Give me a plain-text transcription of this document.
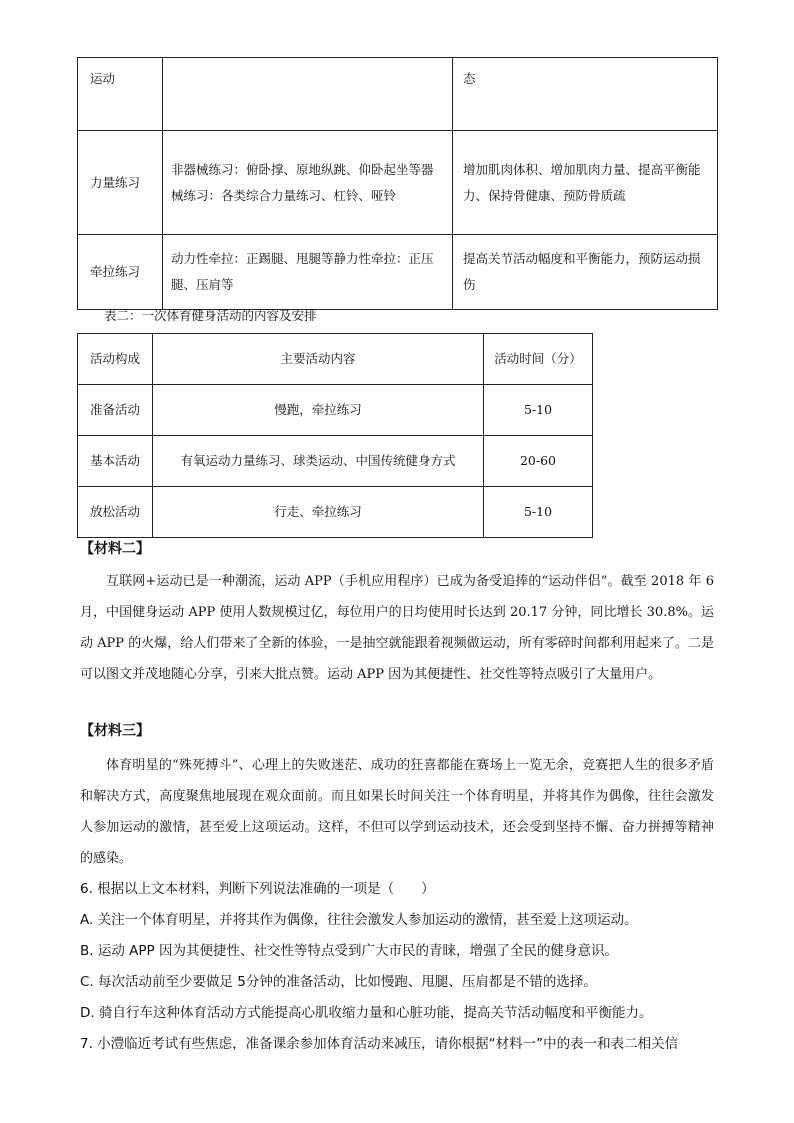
运动		态
力量练习	非器械练习：俯卧撑、原地纵跳、仰卧起坐等器械练习：各类综合力量练习、杠铃、哑铃	增加肌肉体积、增加肌肉力量、提高平衡能力、保持骨健康、预防骨质疏
牵拉练习	动力性牵拉：正踢腿、甩腿等静力性牵拉：正压腿、压肩等	提高关节活动幅度和平衡能力，预防运动损伤
表二：一次体育健身活动的内容及安排
活动构成	主要活动内容	活动时间（分）
准备活动	慢跑，牵拉练习	5-10
基本活动	有氧运动力量练习、球类运动、中国传统健身方式	20-60
放松活动	行走、牵拉练习	5-10
【材料二】
互联网+运动已是一种潮流，运动 APP（手机应用程序）已成为备受追捧的“运动伴侣”。截至 2018 年 6 月，中国健身运动 APP 使用人数规模过亿，每位用户的日均使用时长达到 20.17 分钟，同比增长 30.8%。运动 APP 的火爆，给人们带来了全新的体验，一是抽空就能跟着视频做运动，所有零碎时间都利用起来了。二是可以图文并茂地随心分享，引来大批点赞。运动 APP 因为其便捷性、社交性等特点吸引了大量用户。
【材料三】
体育明星的“殊死搏斗”、心理上的失败迷茫、成功的狂喜都能在赛场上一览无余，竞赛把人生的很多矛盾和解决方式，高度聚焦地展现在观众面前。而且如果长时间关注一个体育明星，并将其作为偶像，往往会激发人参加运动的激情，甚至爱上这项运动。这样，不但可以学到运动技术，还会受到坚持不懈、奋力拼搏等精神的感染。
6. 根据以上文本材料，判断下列说法准确的一项是（　　）
A. 关注一个体育明星，并将其作为偶像，往往会激发人参加运动的激情，甚至爱上这项运动。
B. 运动 APP 因为其便捷性、社交性等特点受到广大市民的青睐，增强了全民的健身意识。
C. 每次活动前至少要做足 5分钟的准备活动，比如慢跑、甩腿、压肩都是不错的选择。
D. 骑自行车这种体育活动方式能提高心肌收缩力量和心脏功能，提高关节活动幅度和平衡能力。
7. 小澧临近考试有些焦虑，准备课余参加体育活动来减压，请你根据“材料一”中的表一和表二相关信
